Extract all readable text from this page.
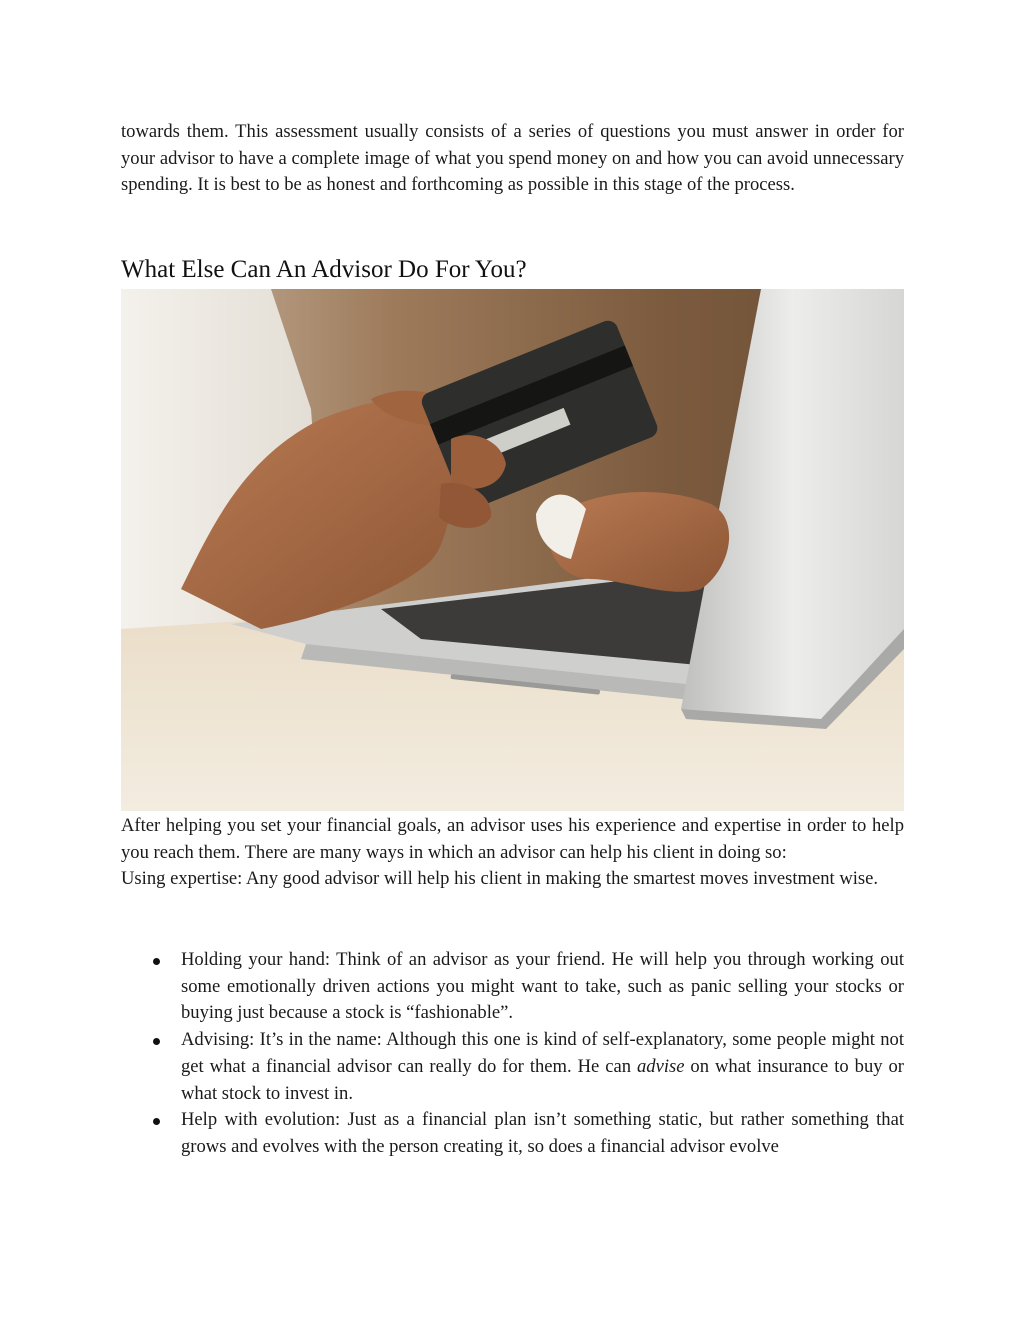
towards them. This assessment usually consists of a series of questions you must answer in order for your advisor to have a complete image of what you spend money on and how you can avoid unnecessary spending. It is best to be as honest and forthcoming as possible in this stage of the process.

What Else Can An Advisor Do For You?

After helping you set your financial goals, an advisor uses his experience and expertise in order to help you reach them. There are many ways in which an advisor can help his client in doing so:

Using expertise: Any good advisor will help his client in making the smartest moves investment wise.

Holding your hand: Think of an advisor as your friend. He will help you through working out some emotionally driven actions you might want to take, such as panic selling your stocks or buying just because a stock is “fashionable”.
Advising: It’s in the name: Although this one is kind of self-explanatory, some people might not get what a financial advisor can really do for them. He can advise on what insurance to buy or what stock to invest in.
Help with evolution: Just as a financial plan isn’t something static, but rather something that grows and evolves with the person creating it, so does a financial advisor evolve
